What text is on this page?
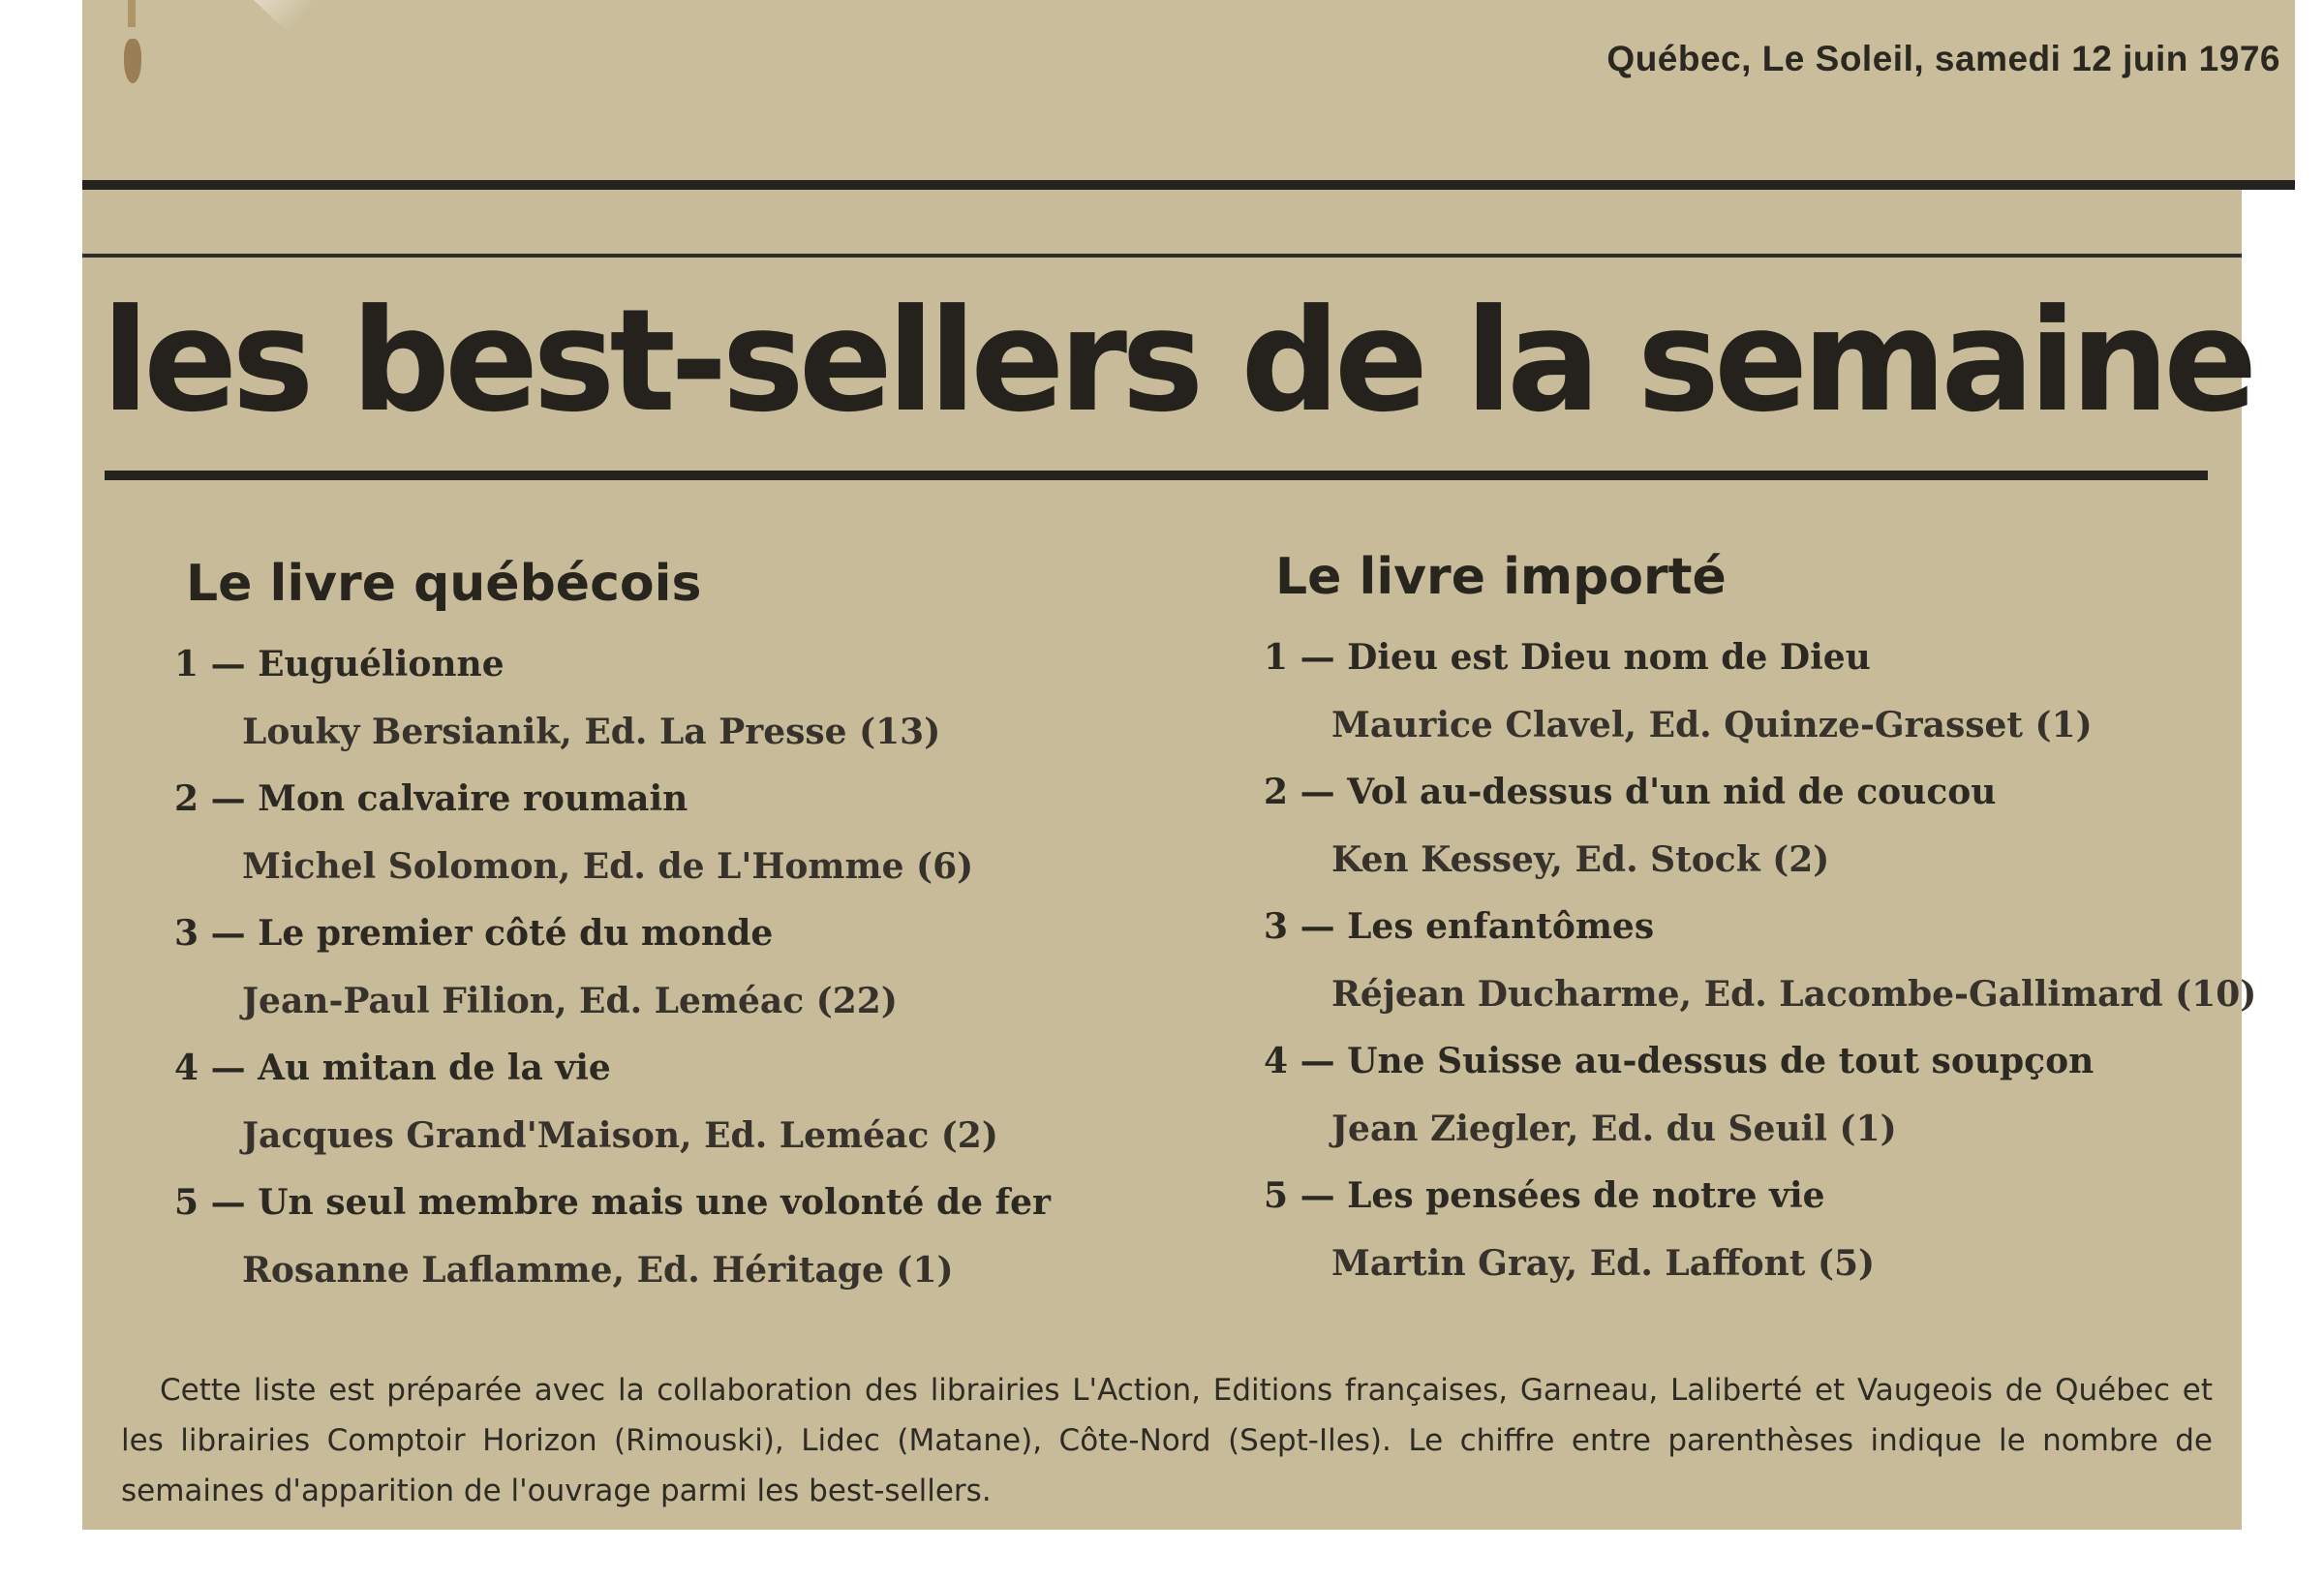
Québec, Le Soleil, samedi 12 juin 1976
les best-sellers de la semaine
Le livre québécois
1 — Euguélionne
Louky Bersianik, Ed. La Presse (13)
2 — Mon calvaire roumain
Michel Solomon, Ed. de L'Homme (6)
3 — Le premier côté du monde
Jean-Paul Filion, Ed. Leméac (22)
4 — Au mitan de la vie
Jacques Grand'Maison, Ed. Leméac (2)
5 — Un seul membre mais une volonté de fer
Rosanne Laflamme, Ed. Héritage (1)
Le livre importé
1 — Dieu est Dieu nom de Dieu
Maurice Clavel, Ed. Quinze-Grasset (1)
2 — Vol au-dessus d'un nid de coucou
Ken Kessey, Ed. Stock (2)
3 — Les enfantômes
Réjean Ducharme, Ed. Lacombe-Gallimard (10)
4 — Une Suisse au-dessus de tout soupçon
Jean Ziegler, Ed. du Seuil (1)
5 — Les pensées de notre vie
Martin Gray, Ed. Laffont (5)
Cette liste est préparée avec la collaboration des librairies L'Action, Editions françaises, Garneau, Laliberté et Vaugeois de Québec et les librairies Comptoir Horizon (Rimouski), Lidec (Matane), Côte-Nord (Sept-Iles). Le chiffre entre parenthèses indique le nombre de semaines d'apparition de l'ouvrage parmi les best-sellers.
